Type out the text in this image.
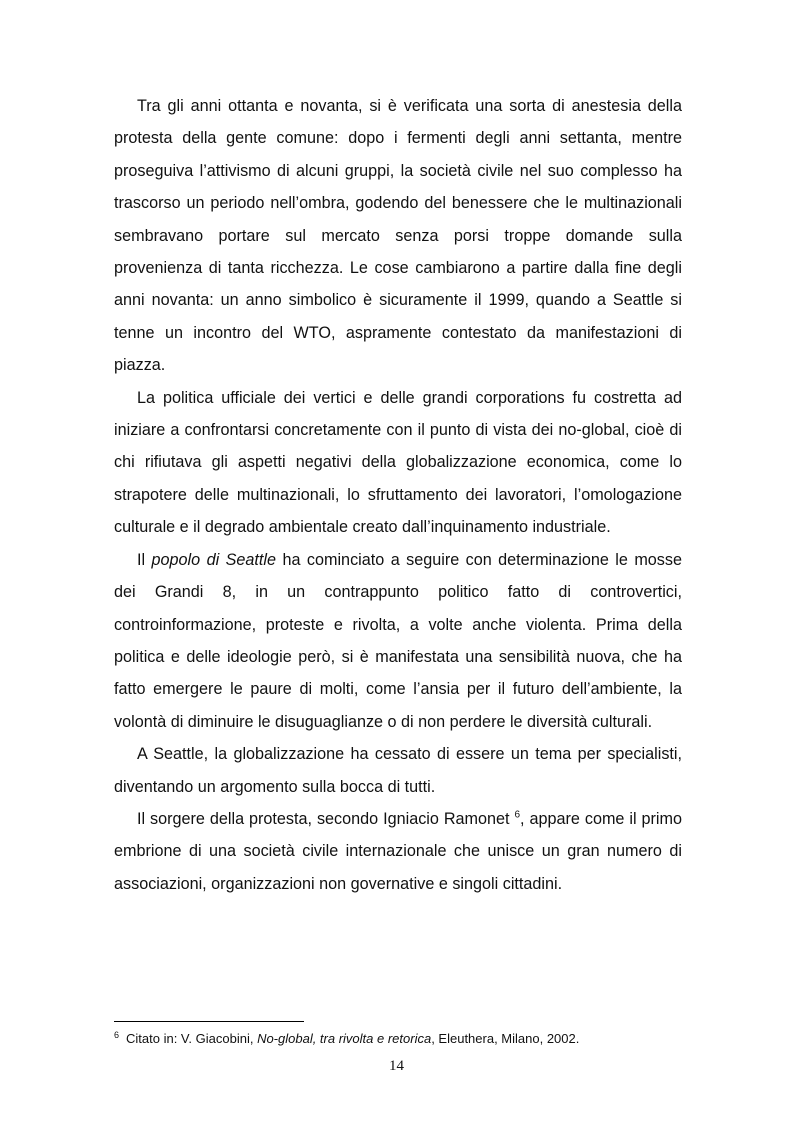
Tra gli anni ottanta e novanta, si è verificata una sorta di anestesia della protesta della gente comune: dopo i fermenti degli anni settanta, mentre proseguiva l’attivismo di alcuni gruppi, la società civile nel suo complesso ha trascorso un periodo nell’ombra, godendo del benessere che le multinazionali sembravano portare sul mercato senza porsi troppe domande sulla provenienza di tanta ricchezza. Le cose cambiarono a partire dalla fine degli anni novanta: un anno simbolico è sicuramente il 1999, quando a Seattle si tenne un incontro del WTO, aspramente contestato da manifestazioni di piazza.

La politica ufficiale dei vertici e delle grandi corporations fu costretta ad iniziare a confrontarsi concretamente con il punto di vista dei no-global, cioè di chi rifiutava gli aspetti negativi della globalizzazione economica, come lo strapotere delle multinazionali, lo sfruttamento dei lavoratori, l’omologazione culturale e il degrado ambientale creato dall’inquinamento industriale.

Il popolo di Seattle ha cominciato a seguire con determinazione le mosse dei Grandi 8, in un contrappunto politico fatto di controvertici, controinformazione, proteste e rivolta, a volte anche violenta. Prima della politica e delle ideologie però, si è manifestata una sensibilità nuova, che ha fatto emergere le paure di molti, come l’ansia per il futuro dell’ambiente, la volontà di diminuire le disuguaglianze o di non perdere le diversità culturali.

A Seattle, la globalizzazione ha cessato di essere un tema per specialisti, diventando un argomento sulla bocca di tutti.

Il sorgere della protesta, secondo Igniacio Ramonet $^6$, appare come il primo embrione di una società civile internazionale che unisce un gran numero di associazioni, organizzazioni non governative e singoli cittadini.

$^6$ Citato in: V. Giacobini, No-global, tra rivolta e retorica, Eleuthera, Milano, 2002.
14
